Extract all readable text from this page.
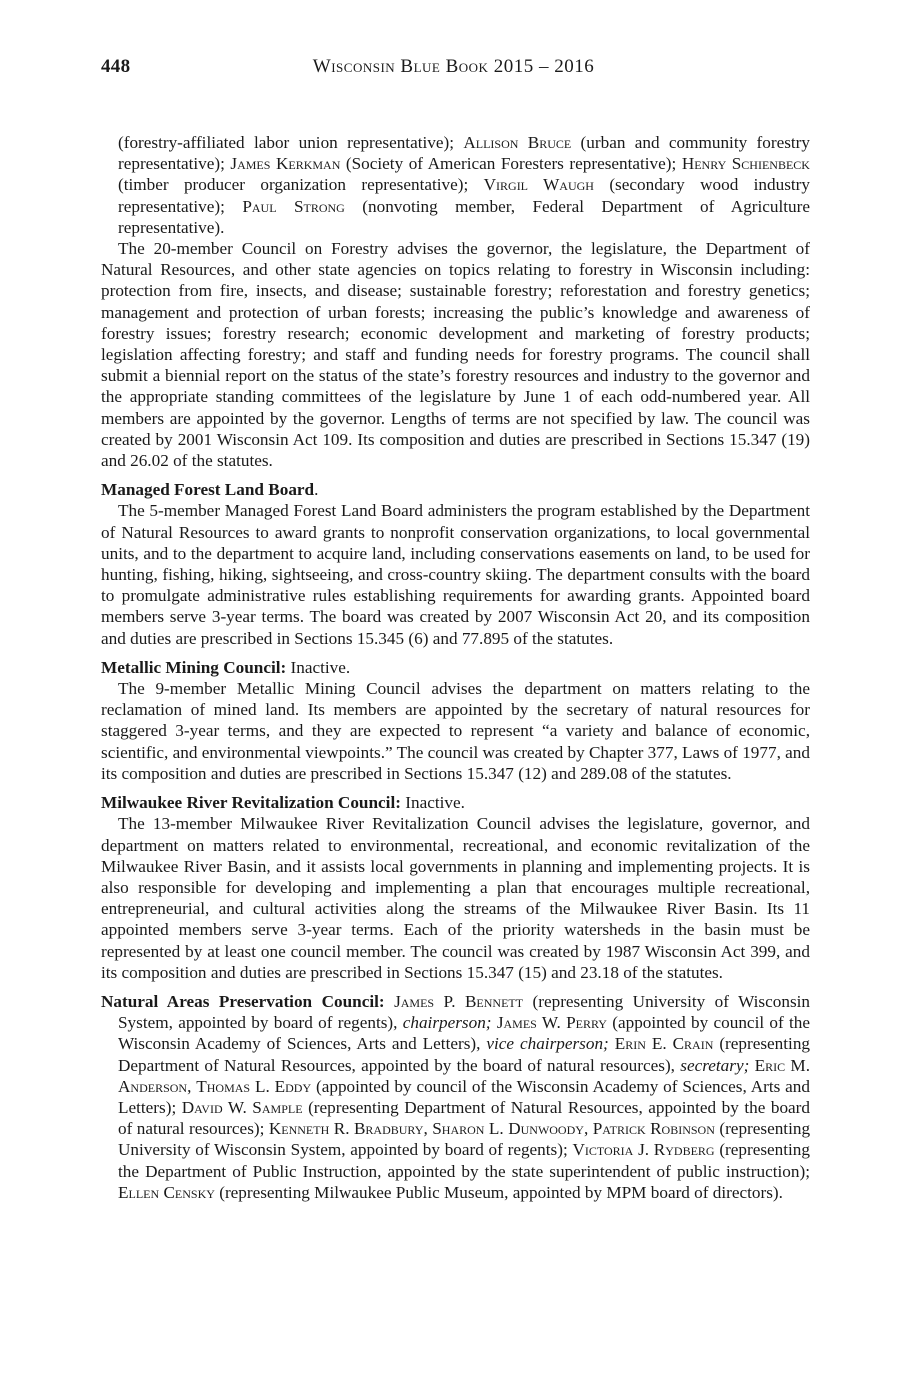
448	Wisconsin Blue Book 2015 – 2016

(forestry-affiliated labor union representative); Allison Bruce (urban and community forestry representative); James Kerkman (Society of American Foresters representative); Henry Schienbeck (timber producer organization representative); Virgil Waugh (secondary wood industry representative); Paul Strong (nonvoting member, Federal Department of Agriculture representative).

The 20-member Council on Forestry advises the governor, the legislature, the Department of Natural Resources, and other state agencies on topics relating to forestry in Wisconsin including: protection from fire, insects, and disease; sustainable forestry; reforestation and forestry genetics; management and protection of urban forests; increasing the public’s knowledge and awareness of forestry issues; forestry research; economic development and marketing of forestry products; legislation affecting forestry; and staff and funding needs for forestry programs. The council shall submit a biennial report on the status of the state’s forestry resources and industry to the governor and the appropriate standing committees of the legislature by June 1 of each odd-numbered year. All members are appointed by the governor. Lengths of terms are not specified by law. The council was created by 2001 Wisconsin Act 109. Its composition and duties are prescribed in Sections 15.347 (19) and 26.02 of the statutes.

Managed Forest Land Board.

The 5-member Managed Forest Land Board administers the program established by the Department of Natural Resources to award grants to nonprofit conservation organizations, to local governmental units, and to the department to acquire land, including conservations easements on land, to be used for hunting, fishing, hiking, sightseeing, and cross-country skiing. The department consults with the board to promulgate administrative rules establishing requirements for awarding grants. Appointed board members serve 3-year terms. The board was created by 2007 Wisconsin Act 20, and its composition and duties are prescribed in Sections 15.345 (6) and 77.895 of the statutes.

Metallic Mining Council: Inactive.

The 9-member Metallic Mining Council advises the department on matters relating to the reclamation of mined land. Its members are appointed by the secretary of natural resources for staggered 3-year terms, and they are expected to represent “a variety and balance of economic, scientific, and environmental viewpoints.” The council was created by Chapter 377, Laws of 1977, and its composition and duties are prescribed in Sections 15.347 (12) and 289.08 of the statutes.

Milwaukee River Revitalization Council: Inactive.

The 13-member Milwaukee River Revitalization Council advises the legislature, governor, and department on matters related to environmental, recreational, and economic revitalization of the Milwaukee River Basin, and it assists local governments in planning and implementing projects. It is also responsible for developing and implementing a plan that encourages multiple recreational, entrepreneurial, and cultural activities along the streams of the Milwaukee River Basin. Its 11 appointed members serve 3-year terms. Each of the priority watersheds in the basin must be represented by at least one council member. The council was created by 1987 Wisconsin Act 399, and its composition and duties are prescribed in Sections 15.347 (15) and 23.18 of the statutes.

Natural Areas Preservation Council: James P. Bennett (representing University of Wisconsin System, appointed by board of regents), chairperson; James W. Perry (appointed by council of the Wisconsin Academy of Sciences, Arts and Letters), vice chairperson; Erin E. Crain (representing Department of Natural Resources, appointed by the board of natural resources), secretary; Eric M. Anderson, Thomas L. Eddy (appointed by council of the Wisconsin Academy of Sciences, Arts and Letters); David W. Sample (representing Department of Natural Resources, appointed by the board of natural resources); Kenneth R. Bradbury, Sharon L. Dunwoody, Patrick Robinson (representing University of Wisconsin System, appointed by board of regents); Victoria J. Rydberg (representing the Department of Public Instruction, appointed by the state superintendent of public instruction); Ellen Censky (representing Milwaukee Public Museum, appointed by MPM board of directors).
